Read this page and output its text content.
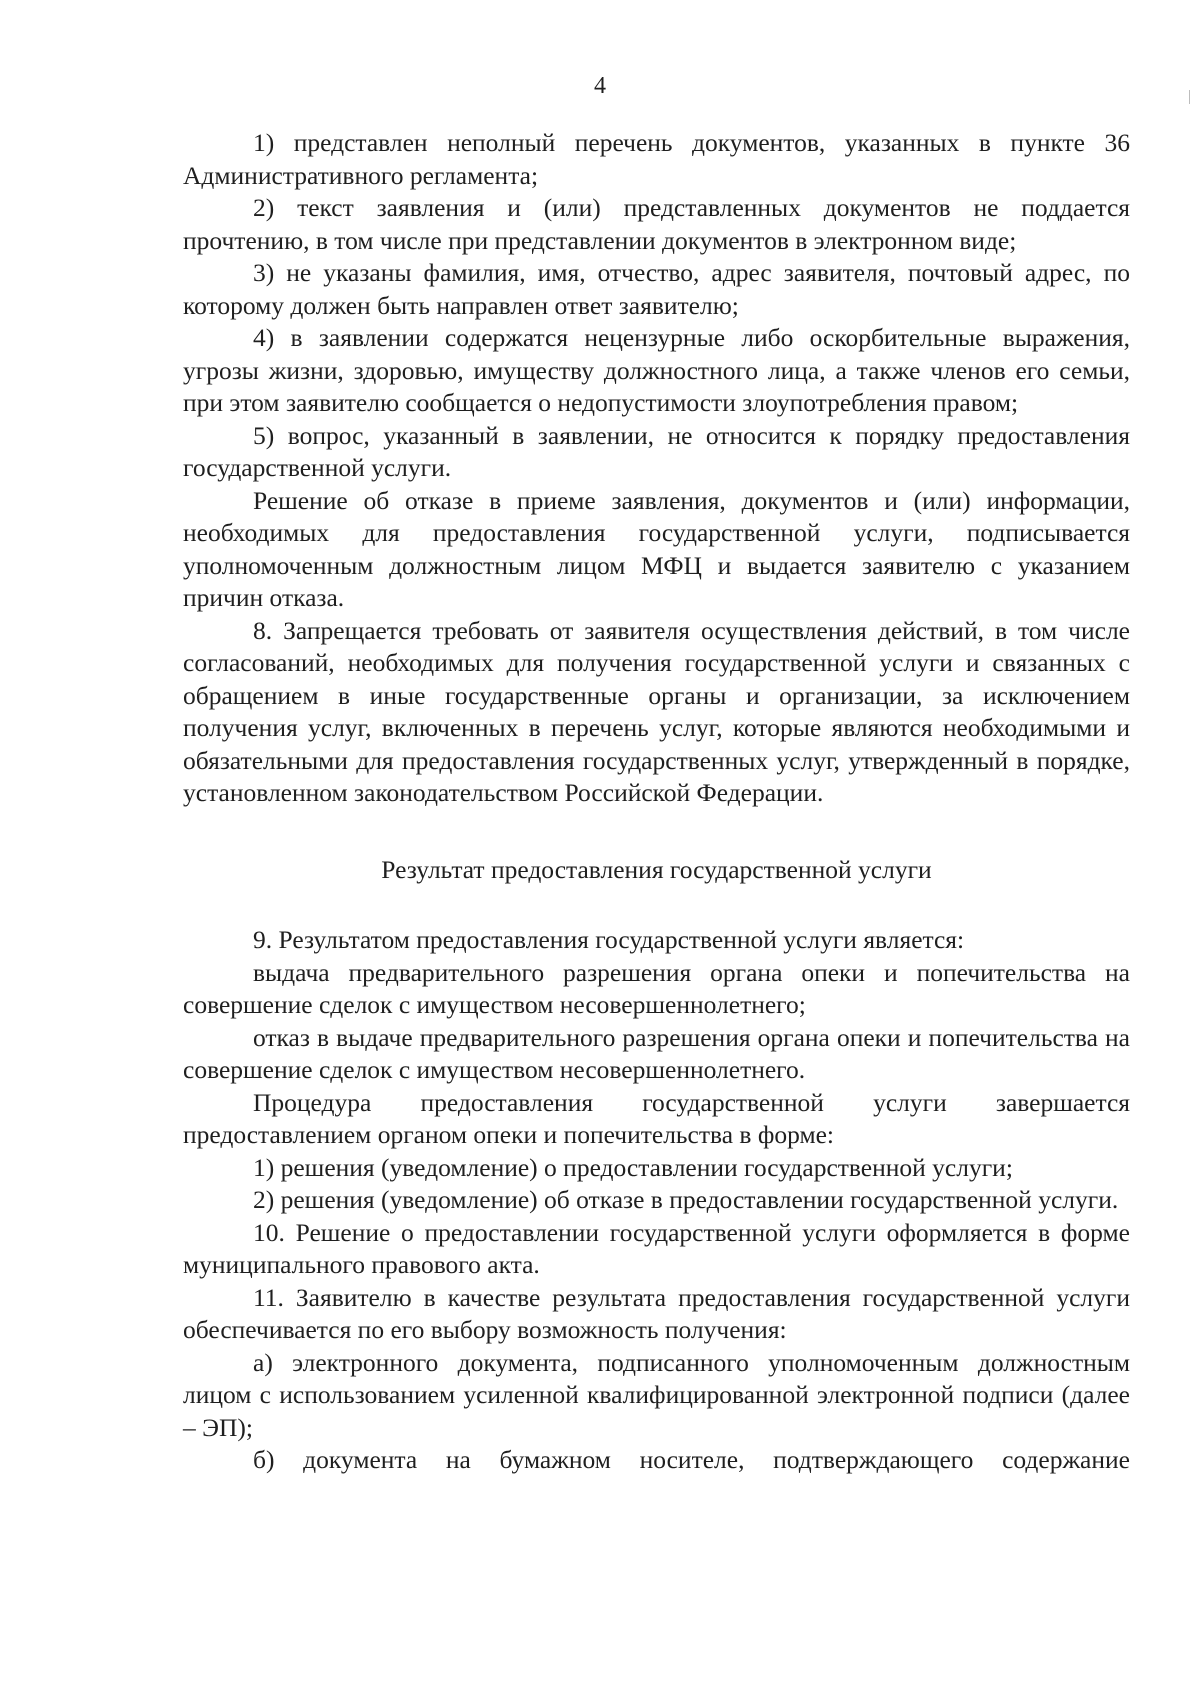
4

1) представлен неполный перечень документов, указанных в пункте 36 Административного регламента;

2) текст заявления и (или) представленных документов не поддается прочтению, в том числе при представлении документов в электронном виде;

3) не указаны фамилия, имя, отчество, адрес заявителя, почтовый адрес, по которому должен быть направлен ответ заявителю;

4) в заявлении содержатся нецензурные либо оскорбительные выражения, угрозы жизни, здоровью, имуществу должностного лица, а также членов его семьи, при этом заявителю сообщается о недопустимости злоупотребления правом;

5) вопрос, указанный в заявлении, не относится к порядку предоставления государственной услуги.

Решение об отказе в приеме заявления, документов и (или) информации, необходимых для предоставления государственной услуги, подписывается уполномоченным должностным лицом МФЦ и выдается заявителю с указанием причин отказа.

8. Запрещается требовать от заявителя осуществления действий, в том числе согласований, необходимых для получения государственной услуги и связанных с обращением в иные государственные органы и организации, за исключением получения услуг, включенных в перечень услуг, которые являются необходимыми и обязательными для предоставления государственных услуг, утвержденный в порядке, установленном законодательством Российской Федерации.

Результат предоставления государственной услуги

9. Результатом предоставления государственной услуги является:

выдача предварительного разрешения органа опеки и попечительства на совершение сделок с имуществом несовершеннолетнего;

отказ в выдаче предварительного разрешения органа опеки и попечительства на совершение сделок с имуществом несовершеннолетнего.

Процедура предоставления государственной услуги завершается предоставлением органом опеки и попечительства в форме:

1) решения (уведомление) о предоставлении государственной услуги;

2) решения (уведомление) об отказе в предоставлении государственной услуги.

10. Решение о предоставлении государственной услуги оформляется в форме муниципального правового акта.

11. Заявителю в качестве результата предоставления государственной услуги обеспечивается по его выбору возможность получения:

а) электронного документа, подписанного уполномоченным должностным лицом с использованием усиленной квалифицированной электронной подписи (далее – ЭП);

б) документа на бумажном носителе, подтверждающего содержание
